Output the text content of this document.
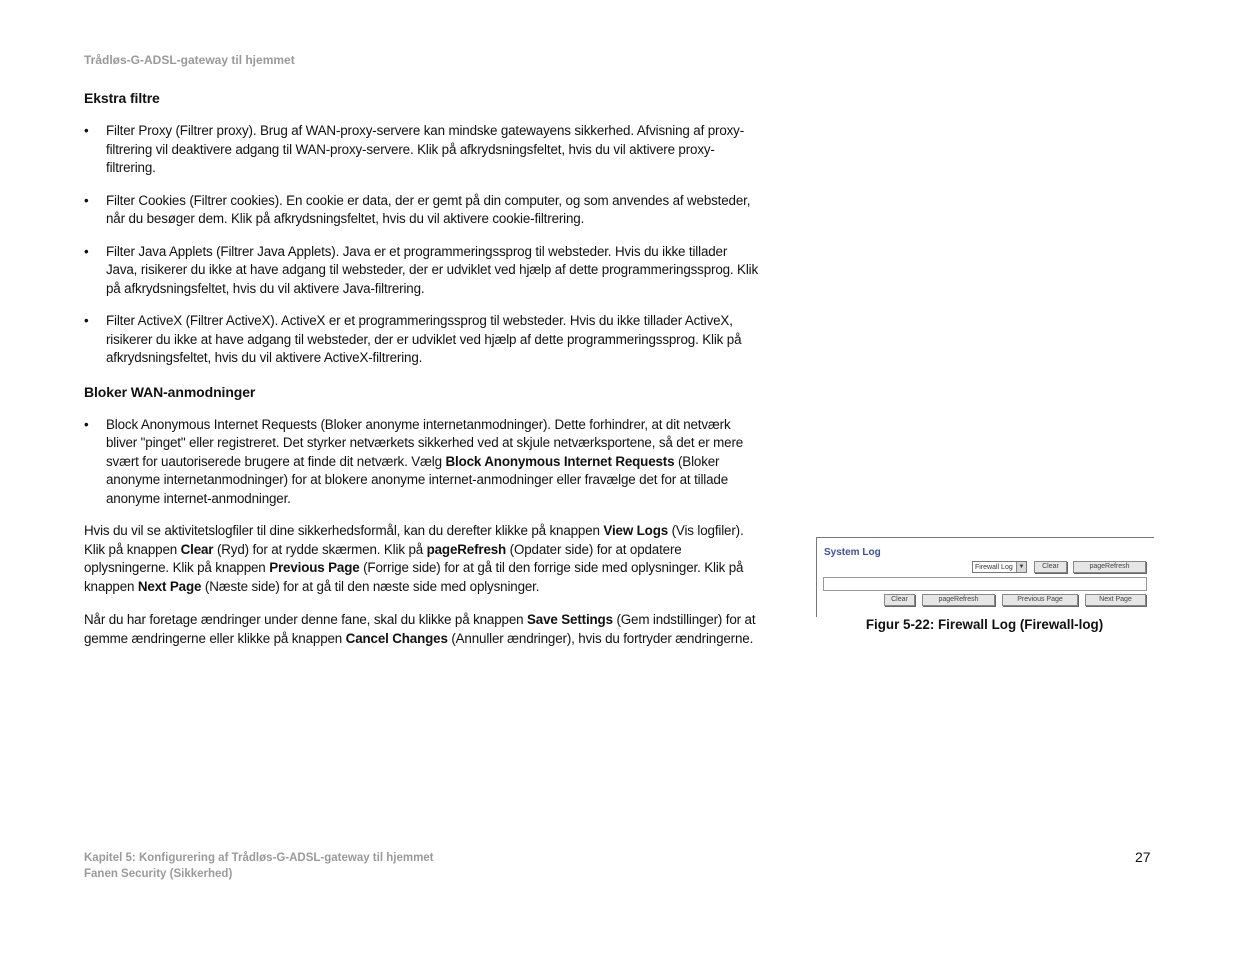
Trådløs-G-ADSL-gateway til hjemmet
Ekstra filtre
• Filter Proxy (Filtrer proxy). Brug af WAN-proxy-servere kan mindske gatewayens sikkerhed. Afvisning af proxy-filtrering vil deaktivere adgang til WAN-proxy-servere. Klik på afkrydsningsfeltet, hvis du vil aktivere proxy-filtrering.
• Filter Cookies (Filtrer cookies). En cookie er data, der er gemt på din computer, og som anvendes af websteder, når du besøger dem. Klik på afkrydsningsfeltet, hvis du vil aktivere cookie-filtrering.
• Filter Java Applets (Filtrer Java Applets). Java er et programmeringssprog til websteder. Hvis du ikke tillader Java, risikerer du ikke at have adgang til websteder, der er udviklet ved hjælp af dette programmeringssprog. Klik på afkrydsningsfeltet, hvis du vil aktivere Java-filtrering.
• Filter ActiveX (Filtrer ActiveX). ActiveX er et programmeringssprog til websteder. Hvis du ikke tillader ActiveX, risikerer du ikke at have adgang til websteder, der er udviklet ved hjælp af dette programmeringssprog. Klik på afkrydsningsfeltet, hvis du vil aktivere ActiveX-filtrering.
Bloker WAN-anmodninger
• Block Anonymous Internet Requests (Bloker anonyme internetanmodninger). Dette forhindrer, at dit netværk bliver "pinget" eller registreret. Det styrker netværkets sikkerhed ved at skjule netværksportene, så det er mere svært for uautoriserede brugere at finde dit netværk. Vælg Block Anonymous Internet Requests (Bloker anonyme internetanmodninger) for at blokere anonyme internet-anmodninger eller fravælge det for at tillade anonyme internet-anmodninger.

Hvis du vil se aktivitetslogfiler til dine sikkerhedsformål, kan du derefter klikke på knappen View Logs (Vis logfiler). Klik på knappen Clear (Ryd) for at rydde skærmen. Klik på pageRefresh (Opdater side) for at opdatere oplysningerne. Klik på knappen Previous Page (Forrige side) for at gå til den forrige side med oplysninger. Klik på knappen Next Page (Næste side) for at gå til den næste side med oplysninger.

Når du har foretage ændringer under denne fane, skal du klikke på knappen Save Settings (Gem indstillinger) for at gemme ændringerne eller klikke på knappen Cancel Changes (Annuller ændringer), hvis du fortryder ændringerne.

System Log
Firewall Log ▼	Clear	pageRefresh
Clear	pageRefresh	Previous Page	Next Page
Figur 5-22: Firewall Log (Firewall-log)
Kapitel 5: Konfigurering af Trådløs-G-ADSL-gateway til hjemmet
Fanen Security (Sikkerhed)
27
